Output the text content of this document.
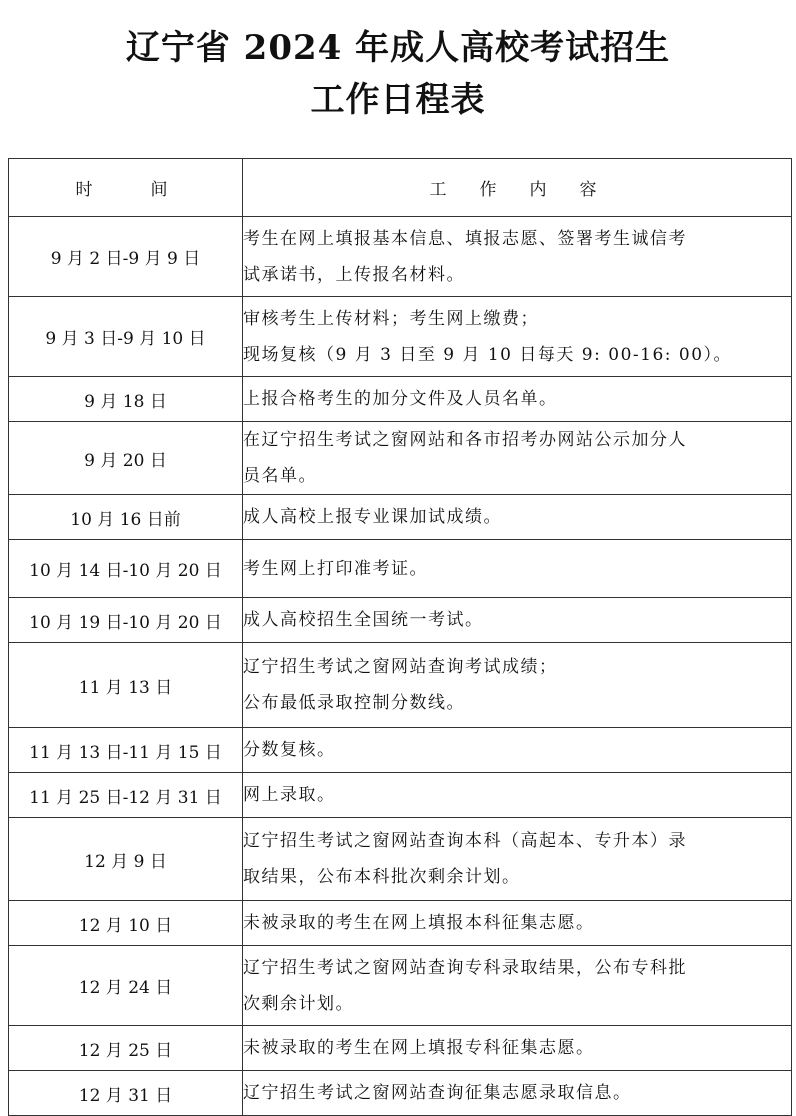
辽宁省 2024 年成人高校考试招生
工作日程表
时　　间	工　作　内　容
9 月 2 日-9 月 9 日	考生在网上填报基本信息、填报志愿、签署考生诚信考
试承诺书，上传报名材料。

9 月 3 日-9 月 10 日	审核考生上传材料；考生网上缴费；
现场复核（9 月 3 日至 9 月 10 日每天 9: 00-16: 00）。

9 月 18 日	上报合格考生的加分文件及人员名单。

9 月 20 日	在辽宁招生考试之窗网站和各市招考办网站公示加分人
员名单。

10 月 16 日前	成人高校上报专业课加试成绩。

10 月 14 日-10 月 20 日	考生网上打印准考证。

10 月 19 日-10 月 20 日	成人高校招生全国统一考试。

11 月 13 日	辽宁招生考试之窗网站查询考试成绩；
公布最低录取控制分数线。

11 月 13 日-11 月 15 日	分数复核。

11 月 25 日-12 月 31 日	网上录取。

12 月 9 日	辽宁招生考试之窗网站查询本科（高起本、专升本）录
取结果，公布本科批次剩余计划。

12 月 10 日	未被录取的考生在网上填报本科征集志愿。

12 月 24 日	辽宁招生考试之窗网站查询专科录取结果，公布专科批
次剩余计划。

12 月 25 日	未被录取的考生在网上填报专科征集志愿。

12 月 31 日	辽宁招生考试之窗网站查询征集志愿录取信息。
